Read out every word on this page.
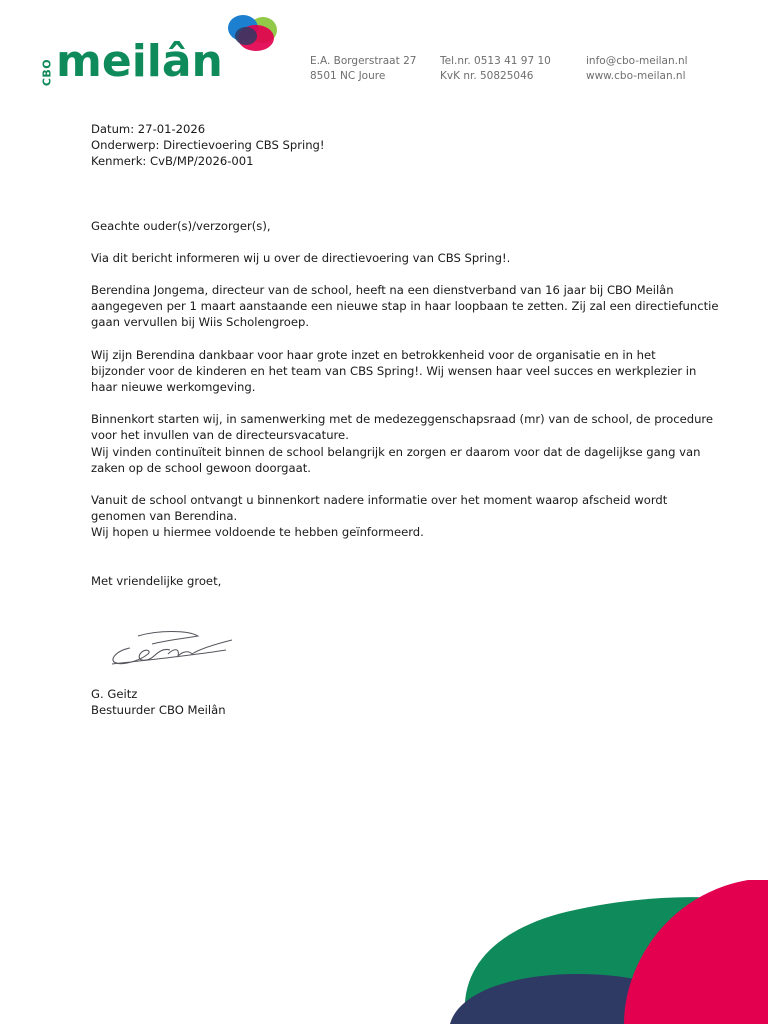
CBO meilân	E.A. Borgerstraat 27
8501 NC Joure
Tel.nr. 0513 41 97 10
KvK nr. 50825046
info@cbo-meilan.nl
www.cbo-meilan.nl
Datum: 27-01-2026
Onderwerp: Directievoering CBS Spring!
Kenmerk: CvB/MP/2026-001
Geachte ouder(s)/verzorger(s),
Via dit bericht informeren wij u over de directievoering van CBS Spring!.
Berendina Jongema, directeur van de school, heeft na een dienstverband van 16 jaar bij CBO Meilân
aangegeven per 1 maart aanstaande een nieuwe stap in haar loopbaan te zetten. Zij zal een directiefunctie
gaan vervullen bij Wiis Scholengroep.
Wij zijn Berendina dankbaar voor haar grote inzet en betrokkenheid voor de organisatie en in het
bijzonder voor de kinderen en het team van CBS Spring!. Wij wensen haar veel succes en werkplezier in
haar nieuwe werkomgeving.
Binnenkort starten wij, in samenwerking met de medezeggenschapsraad (mr) van de school, de procedure
voor het invullen van de directeursvacature.
Wij vinden continuïteit binnen de school belangrijk en zorgen er daarom voor dat de dagelijkse gang van
zaken op de school gewoon doorgaat.
Vanuit de school ontvangt u binnenkort nadere informatie over het moment waarop afscheid wordt
genomen van Berendina.
Wij hopen u hiermee voldoende te hebben geïnformeerd.
Met vriendelijke groet,
G. Geitz
Bestuurder CBO Meilân
